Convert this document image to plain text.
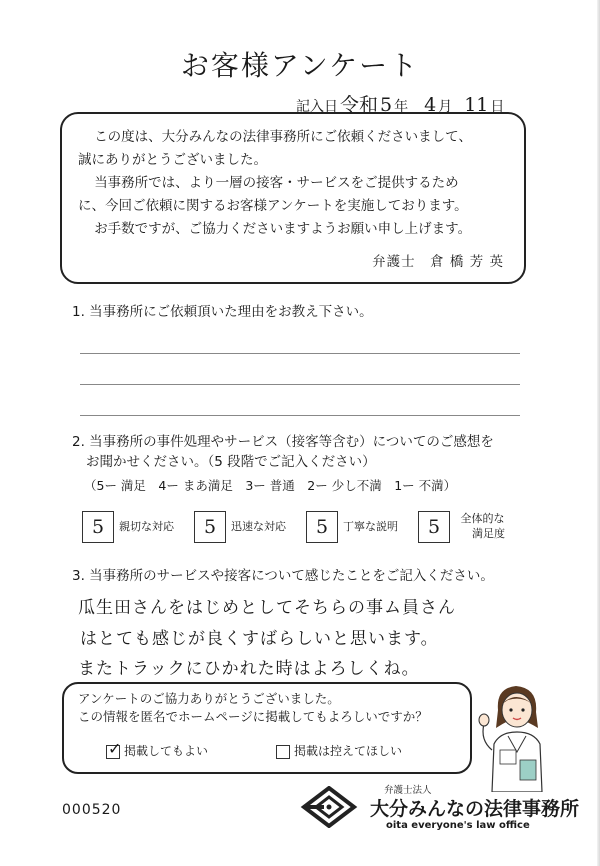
お客様アンケート
記入日 令和 5 年 4 月 11 日

この度は、大分みんなの法律事務所にご依頼くださいまして、

誠にありがとうございました。

当事務所では、より一層の接客・サービスをご提供するため

に、今回ご依頼に関するお客様アンケートを実施しております。

お手数ですが、ご協力くださいますようお願い申し上げます。

弁護士　倉 橋 芳 英
1. 当事務所にご依頼頂いた理由をお教え下さい。
2. 当事務所の事件処理やサービス（接客等含む）についてのご感想を
お聞かせください。（5 段階でご記入ください）
（5ー 満足　4ー まあ満足　3ー 普通　2ー 少し不満　1ー 不満）
5 親切な対応 5 迅速な対応 5 丁寧な説明 5 全体的な
満足度
3. 当事務所のサービスや接客について感じたことをご記入ください。
瓜生田さんをはじめとしてそちらの事ム員さん
はとても感じが良くすばらしいと思います。
またトラックにひかれた時はよろしくね。

アンケートのご協力ありがとうございました。

この情報を匿名でホームページに掲載してもよろしいですか？

✓ 掲載してもよい	掲載は控えてほしい
000520
弁護士法人
大分みんなの法律事務所
oita everyone's law office
